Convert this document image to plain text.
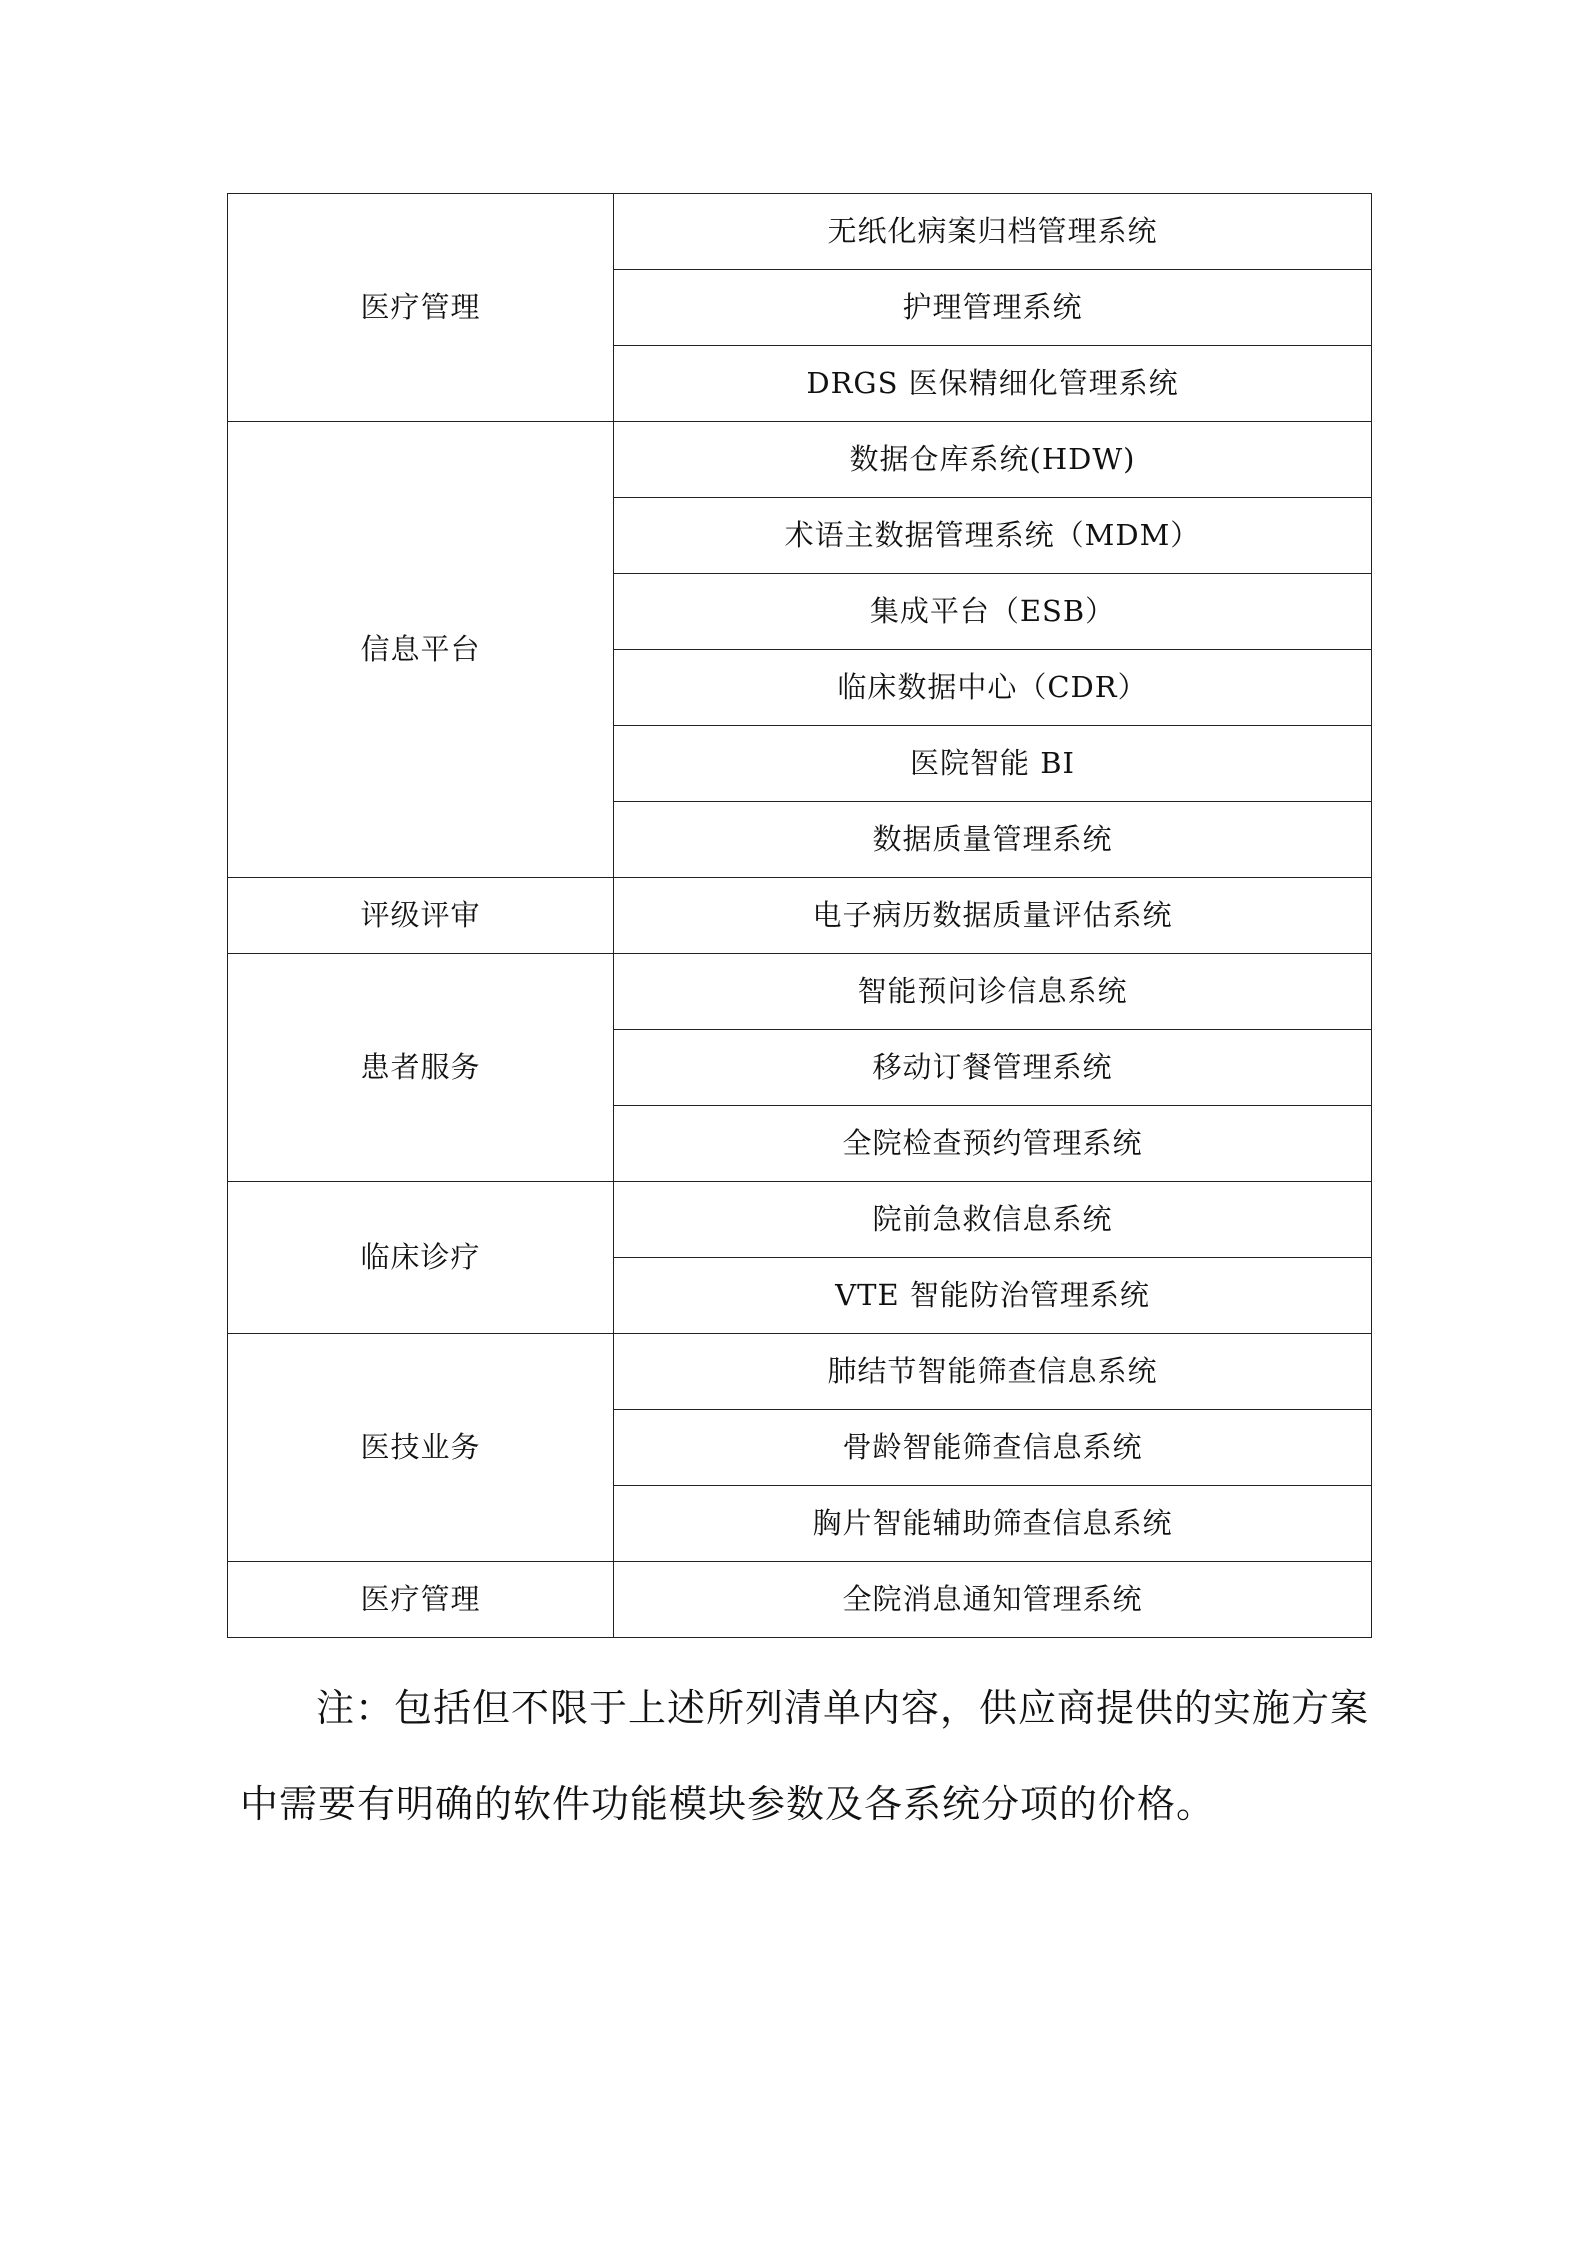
医疗管理	无纸化病案归档管理系统
	护理管理系统
	DRGS 医保精细化管理系统
信息平台	数据仓库系统(HDW)
	术语主数据管理系统（MDM）
	集成平台（ESB）
	临床数据中心（CDR）
	医院智能 BI
	数据质量管理系统
评级评审	电子病历数据质量评估系统
患者服务	智能预问诊信息系统
	移动订餐管理系统
	全院检查预约管理系统
临床诊疗	院前急救信息系统
	VTE 智能防治管理系统
医技业务	肺结节智能筛查信息系统
	骨龄智能筛查信息系统
	胸片智能辅助筛查信息系统
医疗管理	全院消息通知管理系统

注：包括但不限于上述所列清单内容，供应商提供的实施方案中需要有明确的软件功能模块参数及各系统分项的价格。
